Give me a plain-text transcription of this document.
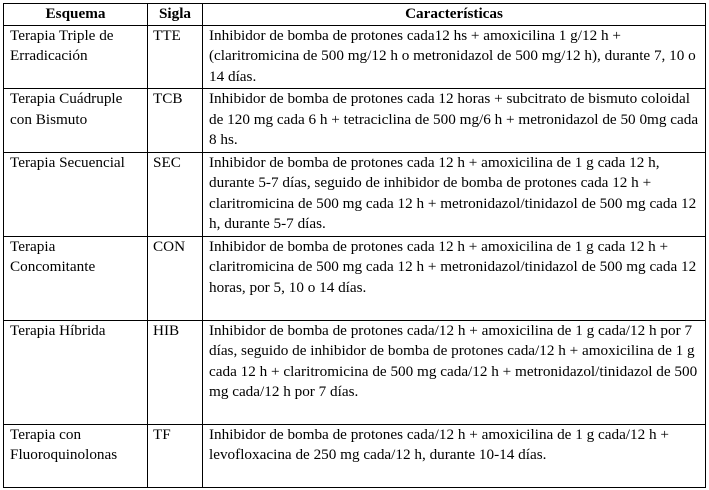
Esquema	Sigla	Características
Terapia Triple de Erradicación	TTE	Inhibidor de bomba de protones cada12 hs + amoxicilina 1 g/12 h + (claritromicina de 500 mg/12 h o metronidazol de 500 mg/12 h), durante 7, 10 o 14 días.
Terapia Cuádruple con Bismuto	TCB	Inhibidor de bomba de protones cada 12 horas + subcitrato de bismuto coloidal de 120 mg cada 6 h + tetraciclina de 500 mg/6 h + metronidazol de 50 0mg cada 8 hs.
Terapia Secuencial	SEC	Inhibidor de bomba de protones cada 12 h + amoxicilina de 1 g cada 12 h, durante 5-7 días, seguido de inhibidor de bomba de protones cada 12 h + claritromicina de 500 mg cada 12 h + metronidazol/tinidazol de 500 mg cada 12 h, durante 5-7 días.
Terapia Concomitante	CON	Inhibidor de bomba de protones cada 12 h + amoxicilina de 1 g cada 12 h + claritromicina de 500 mg cada 12 h + metronidazol/tinidazol de 500 mg cada 12 horas, por 5, 10 o 14 días.
Terapia Híbrida	HIB	Inhibidor de bomba de protones cada/12 h + amoxicilina de 1 g cada/12 h por 7 días, seguido de inhibidor de bomba de protones cada/12 h + amoxicilina de 1 g cada 12 h + claritromicina de 500 mg cada/12 h + metronidazol/tinidazol de 500 mg cada/12 h por 7 días.
Terapia con Fluoroquinolonas	TF	Inhibidor de bomba de protones cada/12 h + amoxicilina de 1 g cada/12 h + levofloxacina de 250 mg cada/12 h, durante 10-14 días.
